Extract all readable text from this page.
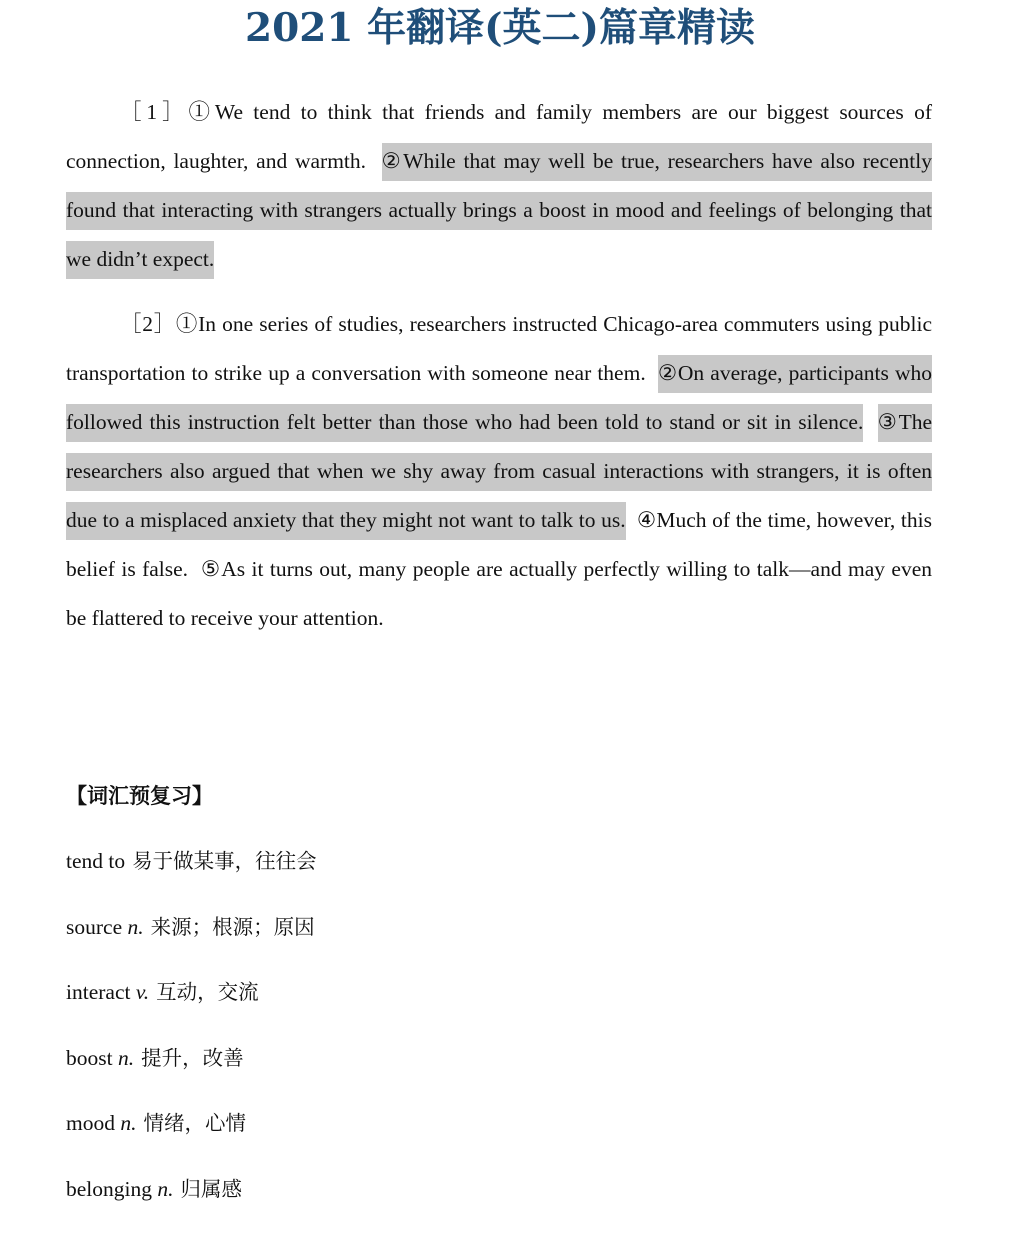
2021 年翻译(英二)篇章精读

［1］①We tend to think that friends and family members are our biggest sources of connection, laughter, and warmth. ②While that may well be true, researchers have also recently found that interacting with strangers actually brings a boost in mood and feelings of belonging that we didn’t expect.

［2］①In one series of studies, researchers instructed Chicago-area commuters using public transportation to strike up a conversation with someone near them. ②On average, participants who followed this instruction felt better than those who had been told to stand or sit in silence. ③The researchers also argued that when we shy away from casual interactions with strangers, it is often due to a misplaced anxiety that they might not want to talk to us. ④Much of the time, however, this belief is false. ⑤As it turns out, many people are actually perfectly willing to talk—and may even be flattered to receive your attention.

【词汇预复习】
tend to 易于做某事，往往会
source n. 来源；根源；原因
interact v. 互动，交流
boost n. 提升，改善
mood n. 情绪，心情
belonging n. 归属感
